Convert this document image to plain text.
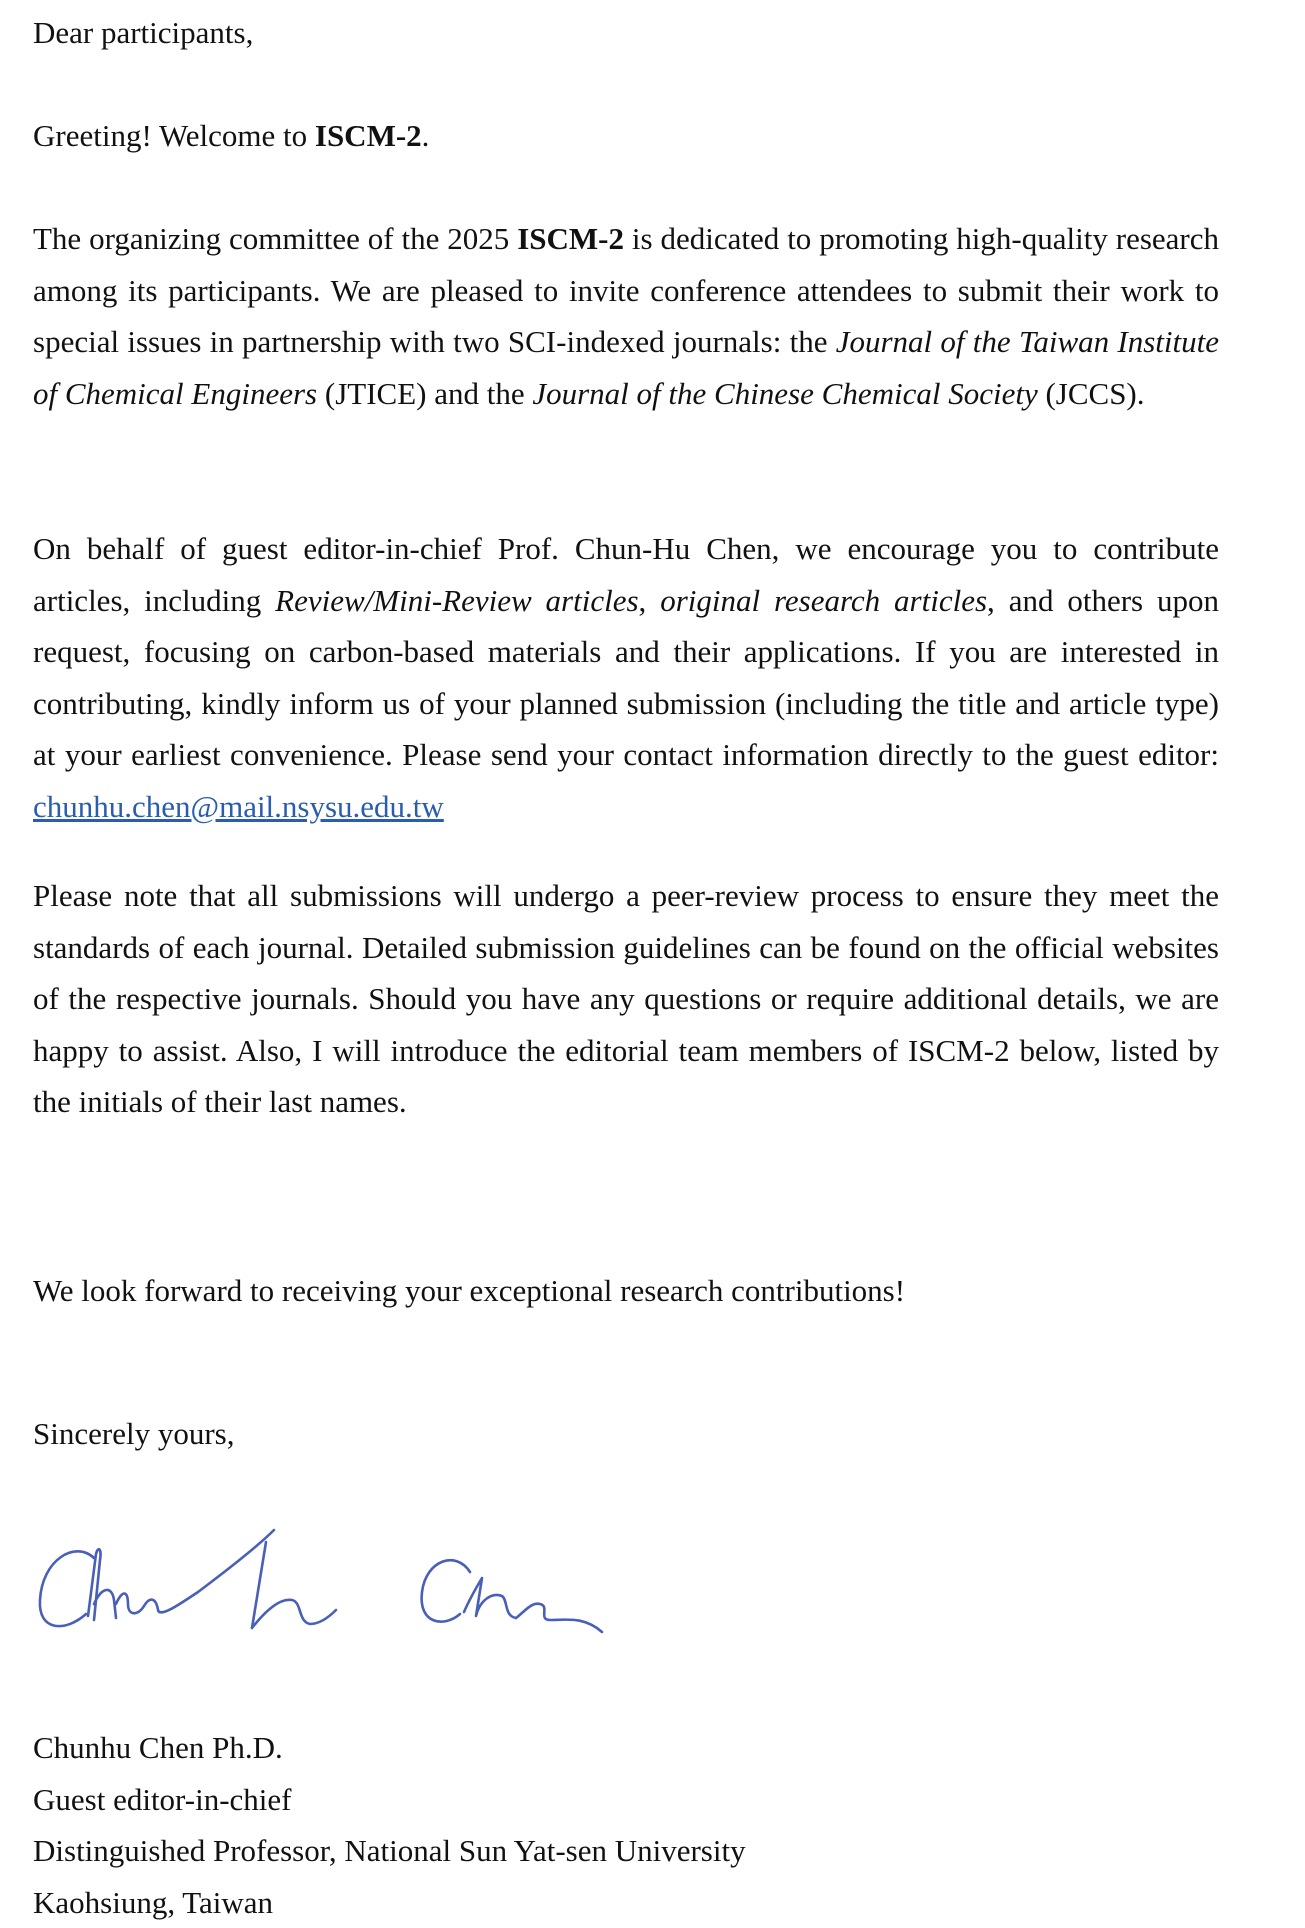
Dear participants,
Greeting! Welcome to ISCM-2.
The organizing committee of the 2025 ISCM-2 is dedicated to promoting high-quality research among its participants. We are pleased to invite conference attendees to submit their work to special issues in partnership with two SCI-indexed journals: the Journal of the Taiwan Institute of Chemical Engineers (JTICE) and the Journal of the Chinese Chemical Society (JCCS).
On behalf of guest editor-in-chief Prof. Chun-Hu Chen, we encourage you to contribute articles, including Review/Mini-Review articles, original research articles, and others upon request, focusing on carbon-based materials and their applications. If you are interested in contributing, kindly inform us of your planned submission (including the title and article type) at your earliest convenience. Please send your contact information directly to the guest editor: chunhu.chen@mail.nsysu.edu.tw
Please note that all submissions will undergo a peer-review process to ensure they meet the standards of each journal. Detailed submission guidelines can be found on the official websites of the respective journals. Should you have any questions or require additional details, we are happy to assist. Also, I will introduce the editorial team members of ISCM-2 below, listed by the initials of their last names.
We look forward to receiving your exceptional research contributions!
Sincerely yours,
Chunhu Chen Ph.D.
Guest editor-in-chief
Distinguished Professor, National Sun Yat-sen University
Kaohsiung, Taiwan
